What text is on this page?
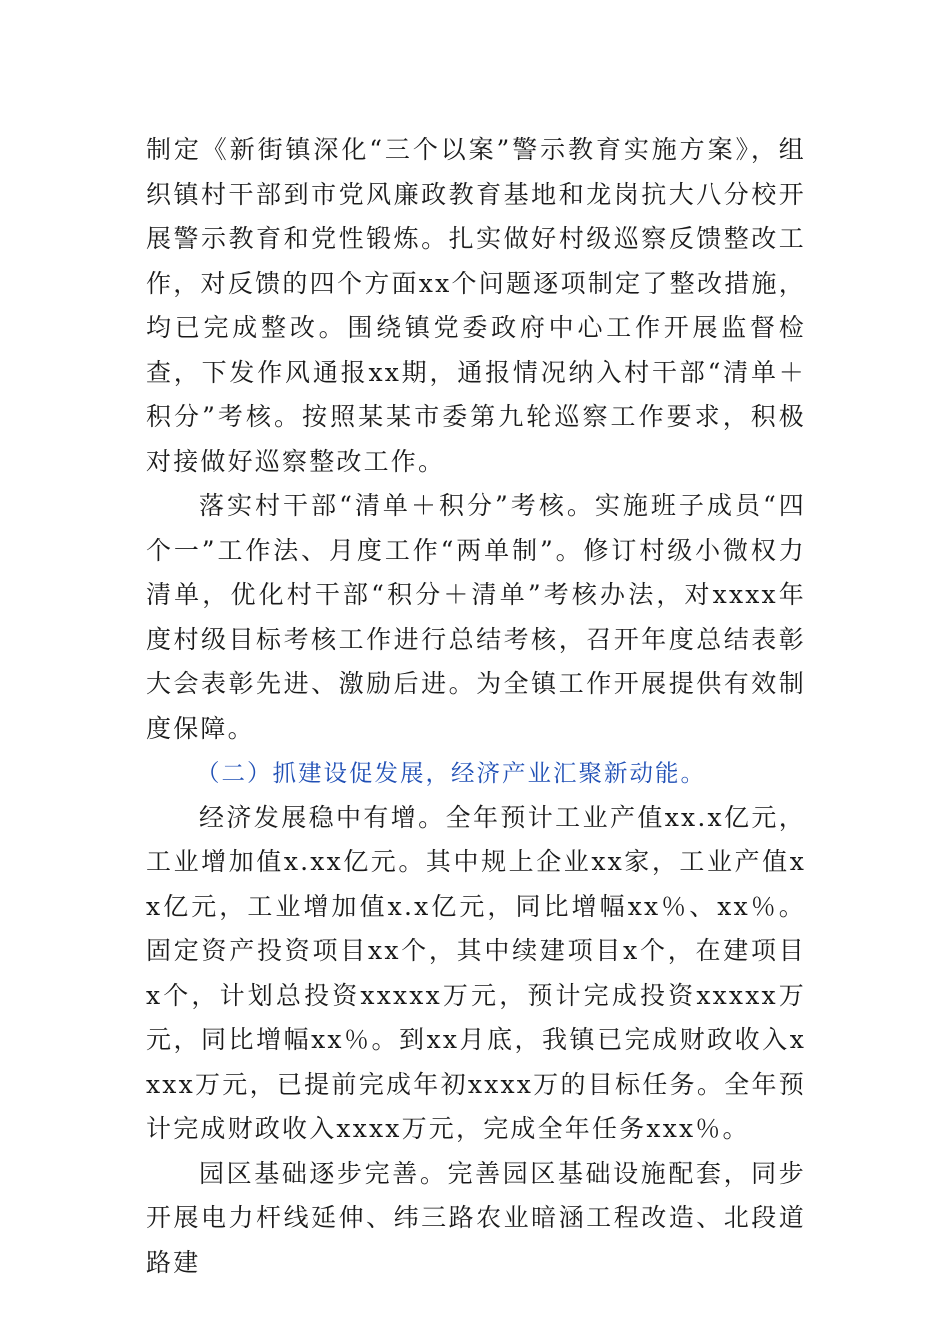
制定《新街镇深化“三个以案”警示教育实施方案》，组织镇村干部到市党风廉政教育基地和龙岗抗大八分校开展警示教育和党性锻炼。扎实做好村级巡察反馈整改工作，对反馈的四个方面xx个问题逐项制定了整改措施，均已完成整改。围绕镇党委政府中心工作开展监督检查，下发作风通报xx期，通报情况纳入村干部“清单＋积分”考核。按照某某市委第九轮巡察工作要求，积极对接做好巡察整改工作。

落实村干部“清单＋积分”考核。实施班子成员“四个一”工作法、月度工作“两单制”。修订村级小微权力清单，优化村干部“积分＋清单”考核办法，对xxxx年度村级目标考核工作进行总结考核，召开年度总结表彰大会表彰先进、激励后进。为全镇工作开展提供有效制度保障。

（二）抓建设促发展，经济产业汇聚新动能。

经济发展稳中有增。全年预计工业产值xx.x亿元，工业增加值x.xx亿元。其中规上企业xx家，工业产值xx亿元，工业增加值x.x亿元，同比增幅xx％、xx％。固定资产投资项目xx个，其中续建项目x个，在建项目x个，计划总投资xxxxx万元，预计完成投资xxxxx万元，同比增幅xx％。到xx月底，我镇已完成财政收入xxxx万元，已提前完成年初xxxx万的目标任务。全年预计完成财政收入xxxx万元，完成全年任务xxx％。

园区基础逐步完善。完善园区基础设施配套，同步开展电力杆线延伸、纬三路农业暗涵工程改造、北段道路建
